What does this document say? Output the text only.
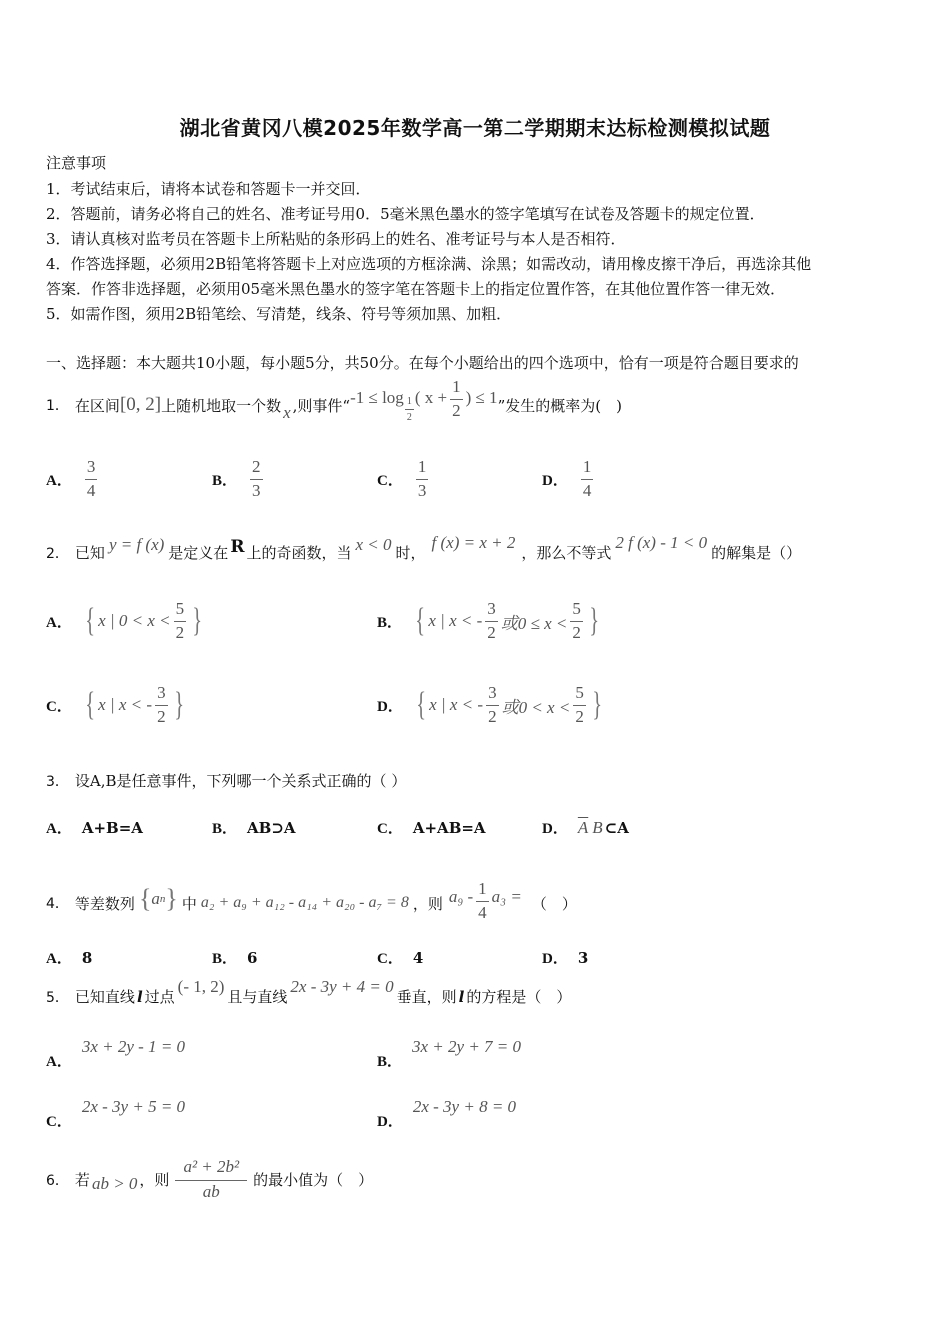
湖北省黄冈八模2025年数学高一第二学期期末达标检测模拟试题
注意事项
1．考试结束后，请将本试卷和答题卡一并交回．
2．答题前，请务必将自己的姓名、准考证号用0．5毫米黑色墨水的签字笔填写在试卷及答题卡的规定位置．
3．请认真核对监考员在答题卡上所粘贴的条形码上的姓名、准考证号与本人是否相符．
4．作答选择题，必须用2B铅笔将答题卡上对应选项的方框涂满、涂黑；如需改动，请用橡皮擦干净后，再选涂其他
答案．作答非选择题，必须用05毫米黑色墨水的签字笔在答题卡上的指定位置作答，在其他位置作答一律无效．
5．如需作图，须用2B铅笔绘、写清楚，线条、符号等须加黑、加粗．
一、选择题：本大题共10小题，每小题5分，共50分。在每个小题给出的四个选项中，恰有一项是符合题目要求的
1． 在区间 [0, 2] 上随机地取一个数 x ,则事件“ $-1 \le \log \frac{1}{2}$ ( $x + \frac{1}{2}$ ) ≤ 1 ”发生的概率为(　)
A． $\frac{3}{4}$	B． $\frac{2}{3}$	C． $\frac{1}{3}$	D． $\frac{1}{4}$
2． 已知 y = f (x) 是定义在 R 上的奇函数，当 x < 0 时，
f (x) = x + 2
，那么不等式
2 f (x) - 1 < 0
的解集是（）
A． { x | $0 < x < \frac{5}{2}$ }	B． { x | x < - $\frac{3}{2}$ 或$0 \le x < \frac{5}{2}$ }
C． { x | x < - $\frac{3}{2}$ }	D． { x | x < - $\frac{3}{2}$ 或$0 < x < \frac{5}{2}$ }
3． 设A,B是任意事件，下列哪一个关系式正确的（ ）
A． A+B=A	B． AB⊃A	C． A+AB=A	D． $\overline{A}$ B ⊂A
4． 等差数列 { a n } 中 a₂ + a₉ + a₁₂ - a₁₄ + a₂₀ - a₇ = 8 ，则 $a_9 - \frac{1}{4} a_3$ = （　）
A． 8	B． 6	C． 4	D． 3
5． 已知直线 l 过点
(- 1, 2)
且与直线
2x - 3y + 4 = 0
垂直，则 l 的方程是（　）
A．
3x + 2y - 1 = 0
B．
3x + 2y + 7 = 0
C．
2x - 3y + 5 = 0
D．
2x - 3y + 8 = 0
6． 若 ab > 0 ，则 $\frac{\text{a² + 2b²}}{ab}$ 的最小值为（　）
